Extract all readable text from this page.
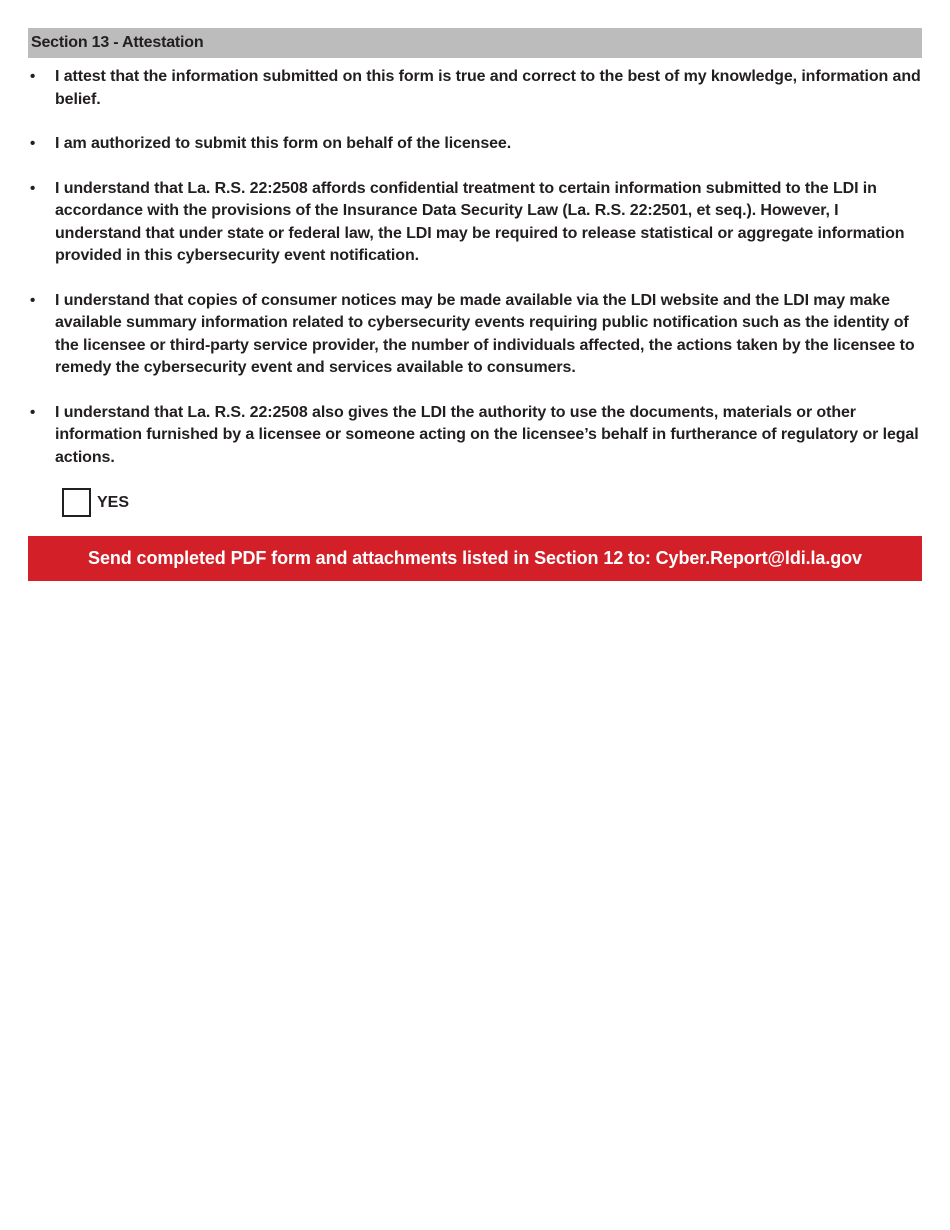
Section 13 - Attestation
• I attest that the information submitted on this form is true and correct to the best of my knowledge, information and belief.
• I am authorized to submit this form on behalf of the licensee.
• I understand that La. R.S. 22:2508 affords confidential treatment to certain information submitted to the LDI in accordance with the provisions of the Insurance Data Security Law (La. R.S. 22:2501, et seq.). However, I understand that under state or federal law, the LDI may be required to release statistical or aggregate information provided in this cybersecurity event notification.
• I understand that copies of consumer notices may be made available via the LDI website and the LDI may make available summary information related to cybersecurity events requiring public notification such as the identity of the licensee or third-party service provider, the number of individuals affected, the actions taken by the licensee to remedy the cybersecurity event and services available to consumers.
• I understand that La. R.S. 22:2508 also gives the LDI the authority to use the documents, materials or other information furnished by a licensee or someone acting on the licensee’s behalf in furtherance of regulatory or legal actions.
YES
Send completed PDF form and attachments listed in Section 12 to: Cyber.Report@ldi.la.gov
